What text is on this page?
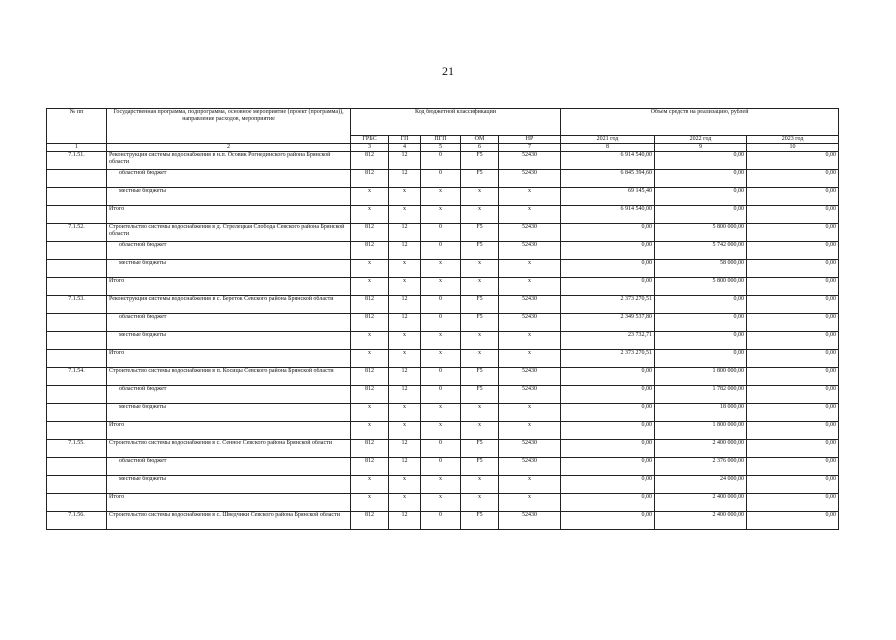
21
№ пп	Государственная программа, подпрограмма, основное мероприятие (проект (программа)), направление расходов, мероприятие	Код бюджетной классификации					Объем средств на реализацию, рублей		
		ГРБС	ГП	ПГП	ОМ	НР	2021 год	2022 год	2023 год
1	2	3	4	5	6	7	8	9	10
7.1.51.	Реконструкция системы водоснабжения в н.п. Осовик Рогнединского района Брянской области	812	12	0	F5	52430	6 914 540,00	0,00	0,00
	областной бюджет	812	12	0	F5	52430	6 845 394,60	0,00	0,00
	местные бюджеты	х	х	х	х	х	69 145,40	0,00	0,00
	Итого	х	х	х	х	х	6 914 540,00	0,00	0,00
7.1.52.	Строительство системы водоснабжения в д. Стрелецкая Слобода Севского района Брянской области	812	12	0	F5	52430	0,00	5 800 000,00	0,00
	областной бюджет	812	12	0	F5	52430	0,00	5 742 000,00	0,00
	местные бюджеты	х	х	х	х	х	0,00	58 000,00	0,00
	Итого	х	х	х	х	х	0,00	5 800 000,00	0,00
7.1.53.	Реконструкция системы водоснабжения в с. Береток Севского района Брянской области	812	12	0	F5	52430	2 373 270,51	0,00	0,00
	областной бюджет	812	12	0	F5	52430	2 349 537,80	0,00	0,00
	местные бюджеты	х	х	х	х	х	23 732,71	0,00	0,00
	Итого	х	х	х	х	х	2 373 270,51	0,00	0,00
7.1.54.	Строительство системы водоснабжения в п. Косицы Севского района Брянской области	812	12	0	F5	52430	0,00	1 800 000,00	0,00
	областной бюджет	812	12	0	F5	52430	0,00	1 782 000,00	0,00
	местные бюджеты	х	х	х	х	х	0,00	18 000,00	0,00
	Итого	х	х	х	х	х	0,00	1 800 000,00	0,00
7.1.55.	Строительство системы водоснабжения в с. Сенное Севского района Брянской области	812	12	0	F5	52430	0,00	2 400 000,00	0,00
	областной бюджет	812	12	0	F5	52430	0,00	2 376 000,00	0,00
	местные бюджеты	х	х	х	х	х	0,00	24 000,00	0,00
	Итого	х	х	х	х	х	0,00	2 400 000,00	0,00
7.1.56.	Строительство системы водоснабжения в с. Шведчики Севского района Брянской области	812	12	0	F5	52430	0,00	2 400 000,00	0,00
